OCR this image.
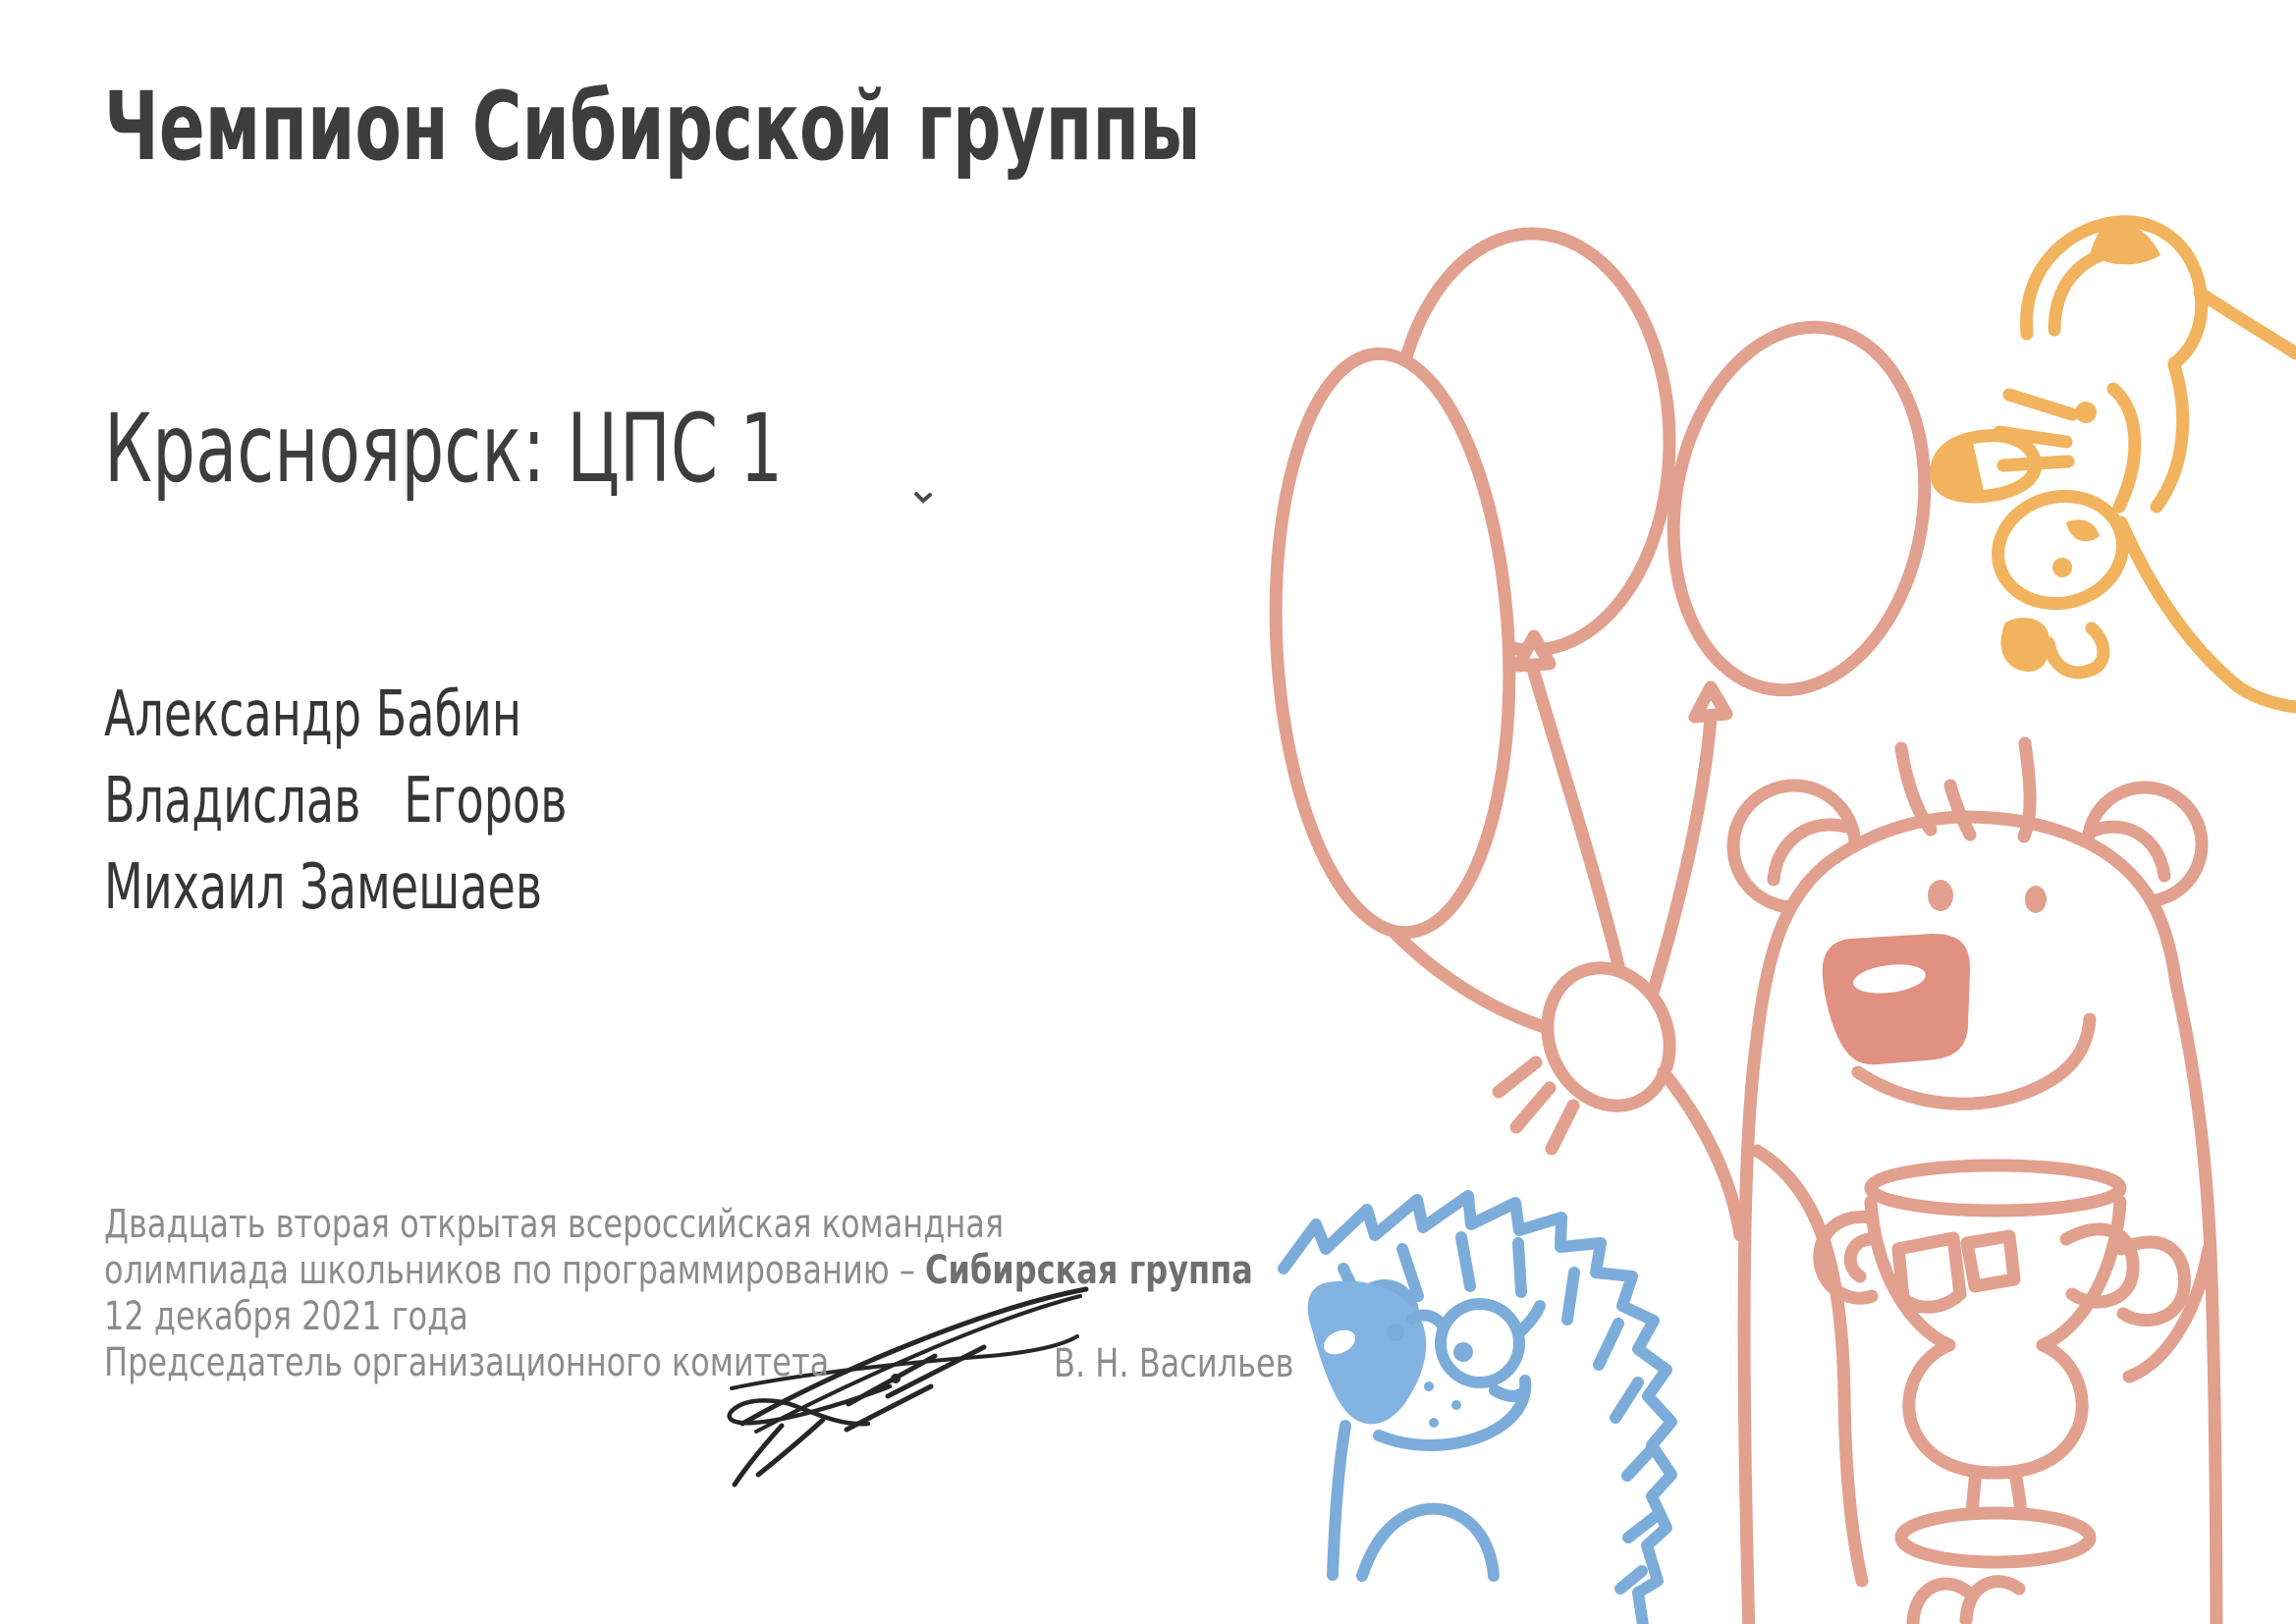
Чемпион Сибирской группы
Красноярск: ЦПС 1
Александр Бабин
Владислав   Егоров
Михаил Замешаев
Двадцать вторая открытая всероссийская командная
олимпиада школьников по программированию – Сибирская группа
12 декабря 2021 года
Председатель организационного комитета	В. Н. Васильев
